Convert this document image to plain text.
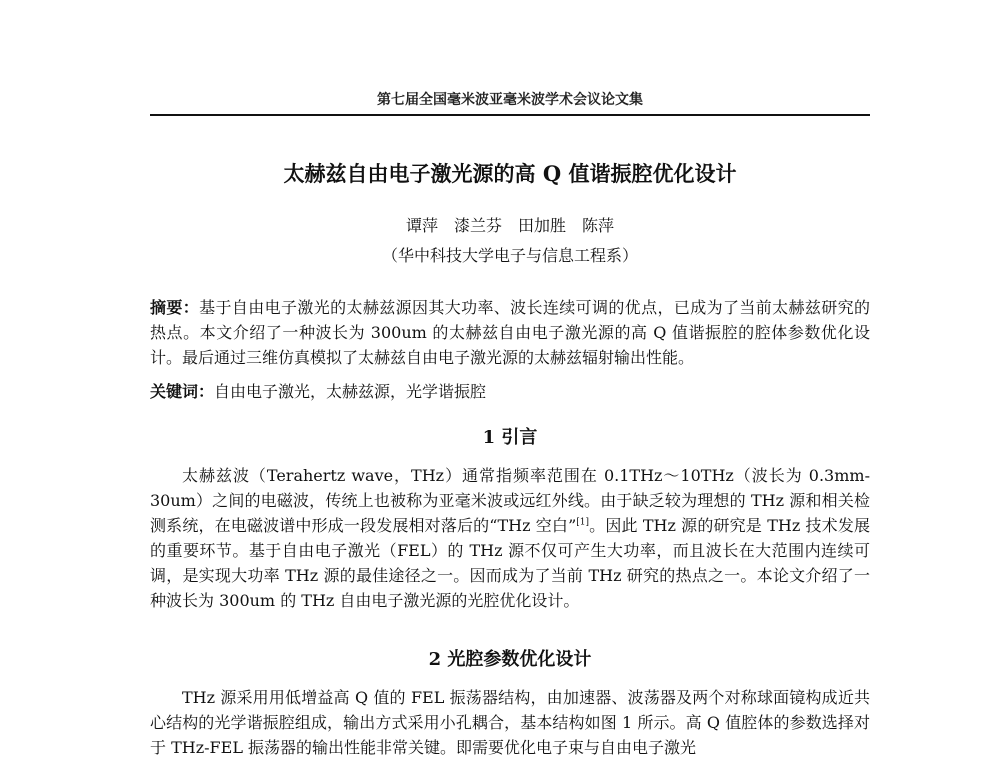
第七届全国毫米波亚毫米波学术会议论文集
太赫兹自由电子激光源的高 Q 值谐振腔优化设计
谭萍　漆兰芬　田加胜　陈萍
（华中科技大学电子与信息工程系）
摘要：基于自由电子激光的太赫兹源因其大功率、波长连续可调的优点，已成为了当前太赫兹研究的热点。本文介绍了一种波长为 300um 的太赫兹自由电子激光源的高 Q 值谐振腔的腔体参数优化设计。最后通过三维仿真模拟了太赫兹自由电子激光源的太赫兹辐射输出性能。
关键词：自由电子激光，太赫兹源，光学谐振腔
1 引言
太赫兹波（Terahertz wave，THz）通常指频率范围在 0.1THz～10THz（波长为 0.3mm-30um）之间的电磁波，传统上也被称为亚毫米波或远红外线。由于缺乏较为理想的 THz 源和相关检测系统，在电磁波谱中形成一段发展相对落后的“THz 空白”[1]。因此 THz 源的研究是 THz 技术发展的重要环节。基于自由电子激光（FEL）的 THz 源不仅可产生大功率，而且波长在大范围内连续可调，是实现大功率 THz 源的最佳途径之一。因而成为了当前 THz 研究的热点之一。本论文介绍了一种波长为 300um 的 THz 自由电子激光源的光腔优化设计。
2 光腔参数优化设计
THz 源采用用低增益高 Q 值的 FEL 振荡器结构，由加速器、波荡器及两个对称球面镜构成近共心结构的光学谐振腔组成，输出方式采用小孔耦合，基本结构如图 1 所示。高 Q 值腔体的参数选择对于 THz-FEL 振荡器的输出性能非常关键。即需要优化电子束与自由电子激光
